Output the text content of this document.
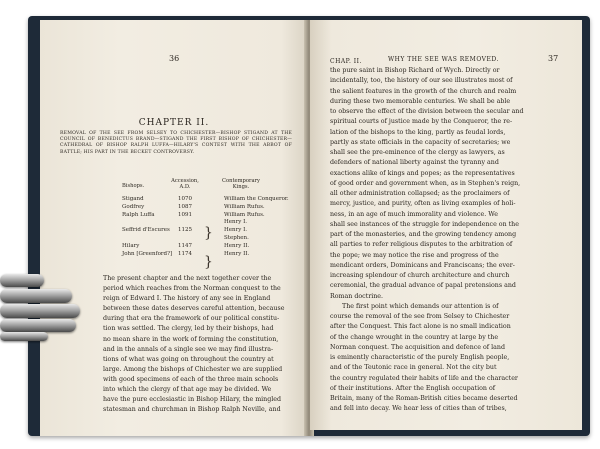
36
CHAPTER II.
REMOVAL OF THE SEE FROM SELSEY TO CHICHESTER—BISHOP STIGAND AT THE COUNCIL OF BENEDICTUS BRAND—STIGAND THE FIRST BISHOP OF CHICHESTER—CATHEDRAL OF BISHOP RALPH LUFFA—HILARY'S CONTEST WITH THE ABBOT OF BATTLE; HIS PART IN THE BECKET CONTROVERSY.
Bishops.
Accession, A.D.
Contemporary Kings.
Stigand	1070	William the Conqueror.
Godfrey	1087	William Rufus.
Ralph Luffa	1091	William Rufus.
Henry I.
Seffrid d'Escures 1125	Henry I.
Stephen.
Hilary	1147	Henry II.
John [Greenford?] 1174	Henry II.
}
}
The present chapter and the next together cover the
period which reaches from the Norman conquest to the
reign of Edward I. The history of any see in England
between these dates deserves careful attention, because
during that era the framework of our political constitu-
tion was settled. The clergy, led by their bishops, had
no mean share in the work of forming the constitution,
and in the annals of a single see we may find illustra-
tions of what was going on throughout the country at
large. Among the bishops of Chichester we are supplied
with good specimens of each of the three main schools
into which the clergy of that age may be divided. We
have the pure ecclesiastic in Bishop Hilary, the mingled
statesman and churchman in Bishop Ralph Neville, and
CHAP. II.	WHY THE SEE WAS REMOVED.	37
the pure saint in Bishop Richard of Wych. Directly or
incidentally, too, the history of our see illustrates most of
the salient features in the growth of the church and realm
during these two memorable centuries. We shall be able
to observe the effect of the division between the secular and
spiritual courts of justice made by the Conqueror, the re-
lation of the bishops to the king, partly as feudal lords,
partly as state officials in the capacity of secretaries; we
shall see the pre-eminence of the clergy as lawyers, as
defenders of national liberty against the tyranny and
exactions alike of kings and popes; as the representatives
of good order and government when, as in Stephen's reign,
all other administration collapsed; as the proclaimers of
mercy, justice, and purity, often as living examples of holi-
ness, in an age of much immorality and violence. We
shall see instances of the struggle for independence on the
part of the monasteries, and the growing tendency among
all parties to refer religious disputes to the arbitration of
the pope; we may notice the rise and progress of the
mendicant orders, Dominicans and Franciscans; the ever-
increasing splendour of church architecture and church
ceremonial, the gradual advance of papal pretensions and
Roman doctrine.
The first point which demands our attention is of
course the removal of the see from Selsey to Chichester
after the Conquest. This fact alone is no small indication
of the change wrought in the country at large by the
Norman conquest. The acquisition and defence of land
is eminently characteristic of the purely English people,
and of the Teutonic race in general. Not the city but
the country regulated their habits of life and the character
of their institutions. After the English occupation of
Britain, many of the Roman-British cities became deserted
and fell into decay. We hear less of cities than of tribes,
